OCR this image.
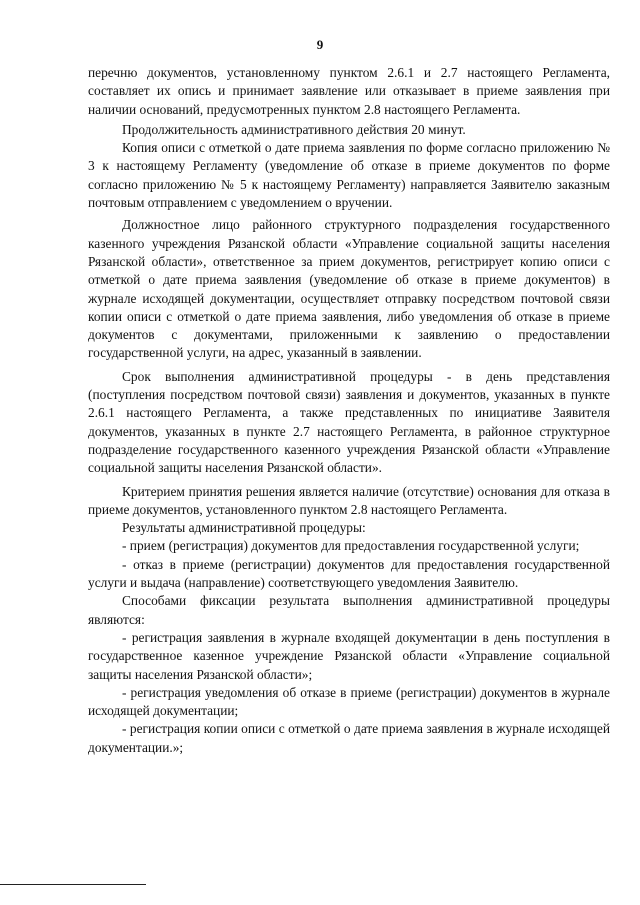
9

перечню документов, установленному пунктом 2.6.1 и 2.7 настоящего Регламента, составляет их опись и принимает заявление или отказывает в приеме заявления при наличии оснований, предусмотренных пунктом 2.8 настоящего Регламента.

Продолжительность административного действия 20 минут.

Копия описи с отметкой о дате приема заявления по форме согласно приложению № 3 к настоящему Регламенту (уведомление об отказе в приеме документов по форме согласно приложению № 5 к настоящему Регламенту) направляется Заявителю заказным почтовым отправлением с уведомлением о вручении.

Должностное лицо районного структурного подразделения государственного казенного учреждения Рязанской области «Управление социальной защиты населения Рязанской области», ответственное за прием документов, регистрирует копию описи с отметкой о дате приема заявления (уведомление об отказе в приеме документов) в журнале исходящей документации, осуществляет отправку посредством почтовой связи копии описи с отметкой о дате приема заявления, либо уведомления об отказе в приеме документов с документами, приложенными к заявлению о предоставлении государственной услуги, на адрес, указанный в заявлении.

Срок выполнения административной процедуры - в день представления (поступления посредством почтовой связи) заявления и документов, указанных в пункте 2.6.1 настоящего Регламента, а также представленных по инициативе Заявителя документов, указанных в пункте 2.7 настоящего Регламента, в районное структурное подразделение государственного казенного учреждения Рязанской области «Управление социальной защиты населения Рязанской области».

Критерием принятия решения является наличие (отсутствие) основания для отказа в приеме документов, установленного пунктом 2.8 настоящего Регламента.

Результаты административной процедуры:

- прием (регистрация) документов для предоставления государственной услуги;

- отказ в приеме (регистрации) документов для предоставления государственной услуги и выдача (направление) соответствующего уведомления Заявителю.

Способами фиксации результата выполнения административной процедуры являются:

- регистрация заявления в журнале входящей документации в день поступления в государственное казенное учреждение Рязанской области «Управление социальной защиты населения Рязанской области»;

- регистрация уведомления об отказе в приеме (регистрации) документов в журнале исходящей документации;

- регистрация копии описи с отметкой о дате приема заявления в журнале исходящей документации.»;
